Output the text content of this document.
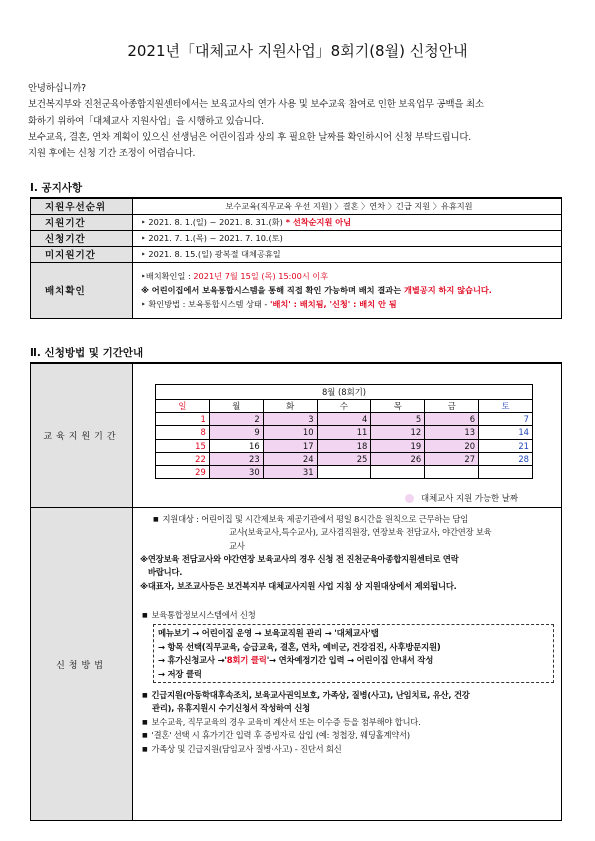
2021년「대체교사 지원사업」8회기(8월) 신청안내
안녕하십니까?
보건복지부와 진천군육아종합지원센터에서는 보육교사의 연가 사용 및 보수교육 참여로 인한 보육업무 공백을 최소
화하기 위하여「대체교사 지원사업」을 시행하고 있습니다.
보수교육, 결혼, 연차 계획이 있으신 선생님은 어린이집과 상의 후 필요한 날짜를 확인하시어 신청 부탁드립니다.
지원 후에는 신청 기간 조정이 어렵습니다.
Ⅰ. 공지사항
지원우선순위	보수교육(직무교육 우선 지원) 〉결혼 〉연차 〉긴급 지원 〉유휴지원
지원기간	‣ 2021. 8. 1.(일) ~ 2021. 8. 31.(화) * 선착순지원 아님
신청기간	‣ 2021. 7. 1.(목) ~ 2021. 7. 10.(토)
미지원기간	‣ 2021. 8. 15.(일) 광복절 대체공휴일
배치확인	‣배치확인일 : 2021년 7월 15일 (목) 15:00시 이후
※ 어린이집에서 보육통합시스템을 통해 직접 확인 가능하며 배치 결과는 개별공지 하지 않습니다.
‣ 확인방법 : 보육통합시스템 상태 - '배치' : 배치됨, '신청' : 배치 안 됨
Ⅱ. 신청방법 및 기간안내
교육지원기간	
8월 (8회기)
일	월	화	수	목	금	토
1	2	3	4	5	6	7
8	9	10	11	12	13	14
15	16	17	18	19	20	21
22	23	24	25	26	27	28
29	30	31				
대체교사 지원 가능한 날짜

신청방법	
■ 지원대상 : 어린이집 및 시간제보육 제공기관에서 평일 8시간을 원칙으로 근무하는 담임
교사(보육교사,특수교사), 교사겸직원장, 연장보육 전담교사, 야간연장 보육
교사
※연장보육 전담교사와 야간연장 보육교사의 경우 신청 전 진천군육아종합지원센터로 연락
바랍니다.
※대표자, 보조교사등은 보건복지부 대체교사지원 사업 지침 상 지원대상에서 제외됩니다.
■ 보육통합정보시스템에서 신청
메뉴보기 → 어린이집 운영 → 보육교직원 관리 → '대체교사'탭
→ 항목 선택(직무교육, 승급교육, 결혼, 연차, 예비군, 건강검진, 사후방문지원)
→ 휴가신청교사 →'8회기 클릭'→ 연차예정기간 입력 → 어린이집 안내서 작성
→ 저장 클릭
■ 긴급지원(아동학대후속조치, 보육교사권익보호, 가족상, 질병(사고), 난임치료, 유산, 건강
관리), 유휴지원시 수기신청서 작성하여 신청
■ 보수교육, 직무교육의 경우 교육비 계산서 또는 이수증 등을 첨부해야 합니다.
■ '결혼' 선택 시 휴가기간 입력 후 증빙자료 삽입 (예: 청첩장, 웨딩홀계약서)
■ 가족상 및 긴급지원(담임교사 질병·사고) - 진단서 회신
